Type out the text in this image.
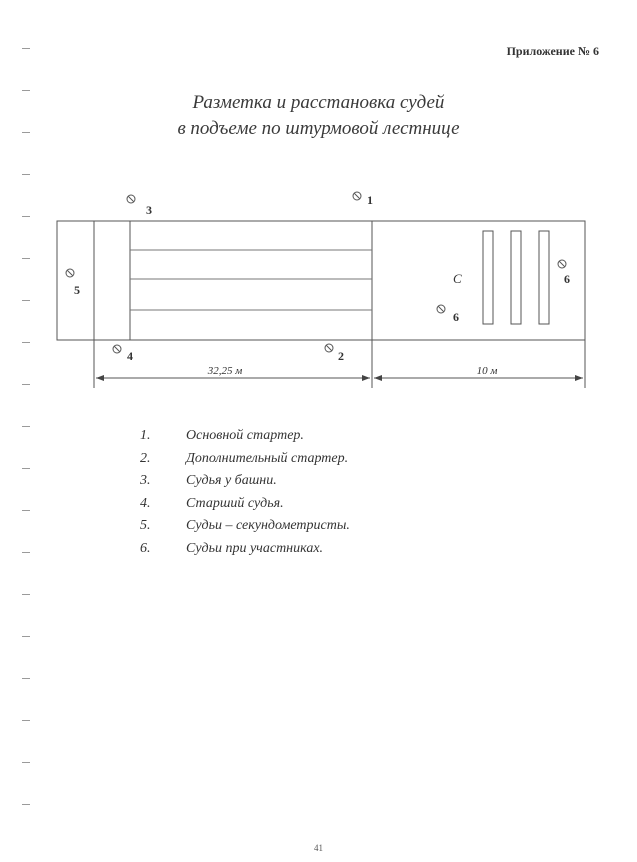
Приложение № 6
Разметка и расстановка судей
в подъеме по штурмовой лестнице
3
1
5
С
6
6
4	2
32,25 м	10 м
1.	Основной стартер.
2.	Дополнительный стартер.
3.	Судья у башни.
4.	Старший судья.
5.	Судьи – секундометристы.
6.	Судьи при участниках.
41
